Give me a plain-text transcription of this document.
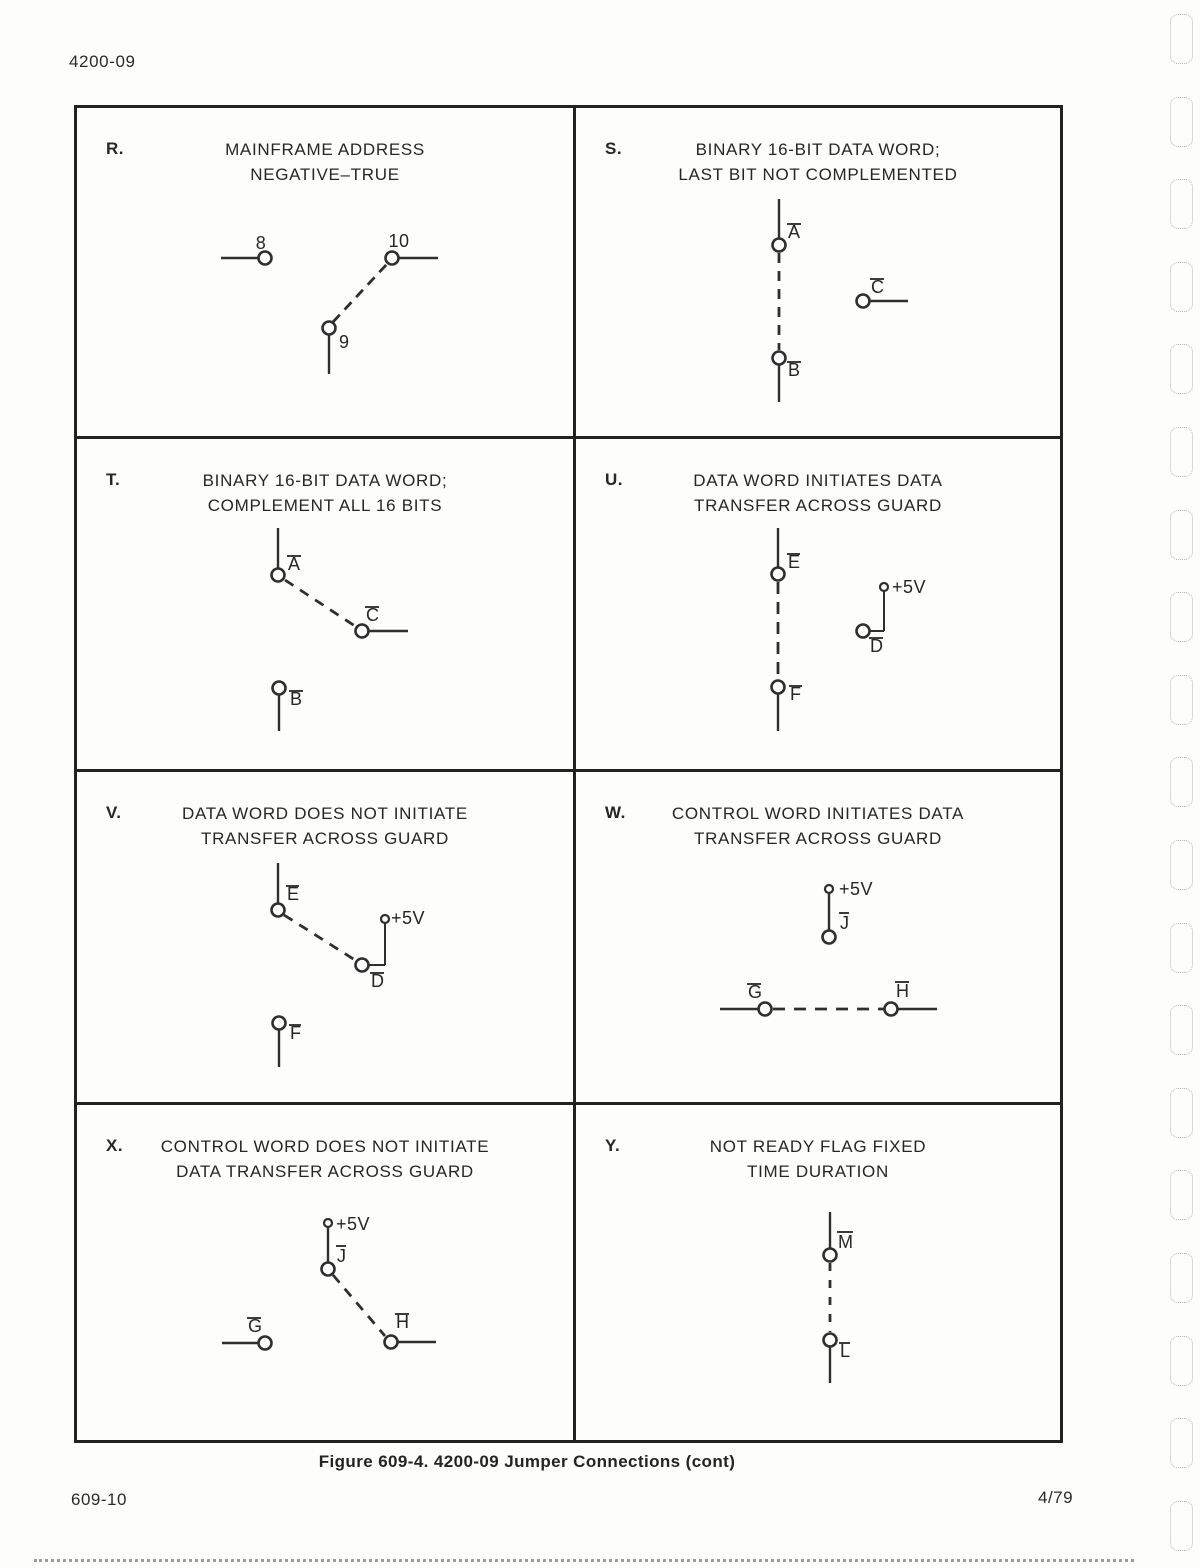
4200-09
R.	MAINFRAME ADDRESS
NEGATIVE–TRUE
8	10
9
S.	BINARY 16-BIT DATA WORD;
LAST BIT NOT COMPLEMENTED
A
B
C
T.	BINARY 16-BIT DATA WORD;
COMPLEMENT ALL 16 BITS
A
C
B
U.	DATA WORD INITIATES DATA
TRANSFER ACROSS GUARD
E
F
+5V
D
V.	DATA WORD DOES NOT INITIATE
TRANSFER ACROSS GUARD
E
+5V
D
F
W.	CONTROL WORD INITIATES DATA
TRANSFER ACROSS GUARD
+5V
J
G	H
X.	CONTROL WORD DOES NOT INITIATE
DATA TRANSFER ACROSS GUARD
+5V
J
H
G
Y.	NOT READY FLAG FIXED
TIME DURATION
M
L
Figure 609-4. 4200-09 Jumper Connections (cont)
609-10	4/79
